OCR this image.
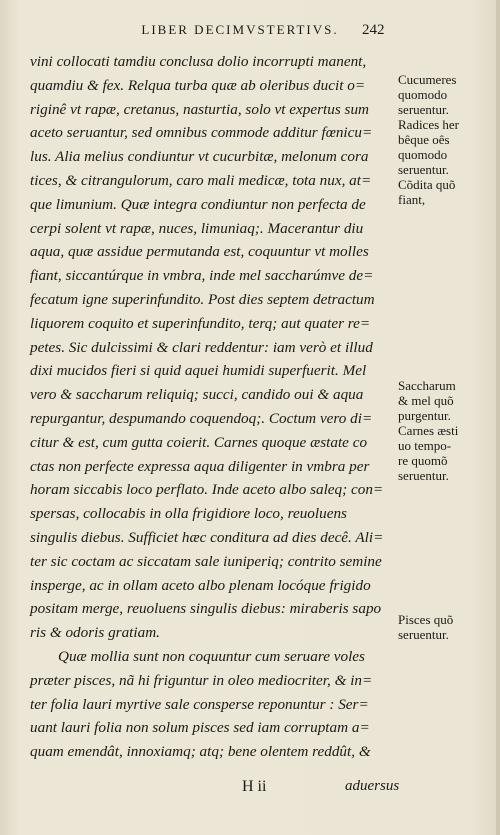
LIBER DECIMVSTERTIVS.	242
vini collocati tamdiu conclusa dolio incorrupti manent,
quamdiu & fex. Relqua turba quæ ab oleribus ducit o=
riginê vt rapæ, cretanus, nasturtia, solo vt expertus sum
aceto seruantur, sed omnibus commode additur fœnicu=
lus. Alia melius condiuntur vt cucurbitæ, melonum cora
tices, & citrangulorum, caro mali medicæ, tota nux, at=
que limunium. Quæ integra condiuntur non perfecta de
cerpi solent vt rapæ, nuces, limuniaq;. Macerantur diu
aqua, quæ assidue permutanda est, coquuntur vt molles
fiant, siccantúrque in vmbra, inde mel saccharúmve de=
fecatum igne superinfundito. Post dies septem detractum
liquorem coquito et superinfundito, terq; aut quater re=
petes. Sic dulcissimi & clari reddentur: iam verò et illud
dixi mucidos fieri si quid aquei humidi superfuerit. Mel
vero & saccharum reliquiq; succi, candido oui & aqua
repurgantur, despumando coquendoq;. Coctum vero di=
citur & est, cum gutta coierit. Carnes quoque æstate co
ctas non perfecte expressa aqua diligenter in vmbra per
horam siccabis loco perflato. Inde aceto albo saleq; con=
spersas, collocabis in olla frigidiore loco, reuoluens
singulis diebus. Sufficiet hæc conditura ad dies decê. Ali=
ter sic coctam ac siccatam sale iuniperiq; contrito semine
insperge, ac in ollam aceto albo plenam locóque frigido
positam merge, reuoluens singulis diebus: miraberis sapo
ris & odoris gratiam.
Quæ mollia sunt non coquuntur cum seruare voles
præter pisces, nã hi friguntur in oleo mediocriter, & in=
ter folia lauri myrtive sale consperse reponuntur : Ser=
uant lauri folia non solum pisces sed iam corruptam a=
quam emendât, innoxiamq; atq; bene olentem reddût, &
Cucumeres
quomodo
seruentur.
Radices her
bêque oês
quomodo
seruentur.
Cõdita quõ
fiant,
Saccharum
& mel quõ
purgentur.
Carnes æsti
uo tempo-
re quomõ
seruentur.
Pisces quõ
seruentur.
H ii	aduersus
